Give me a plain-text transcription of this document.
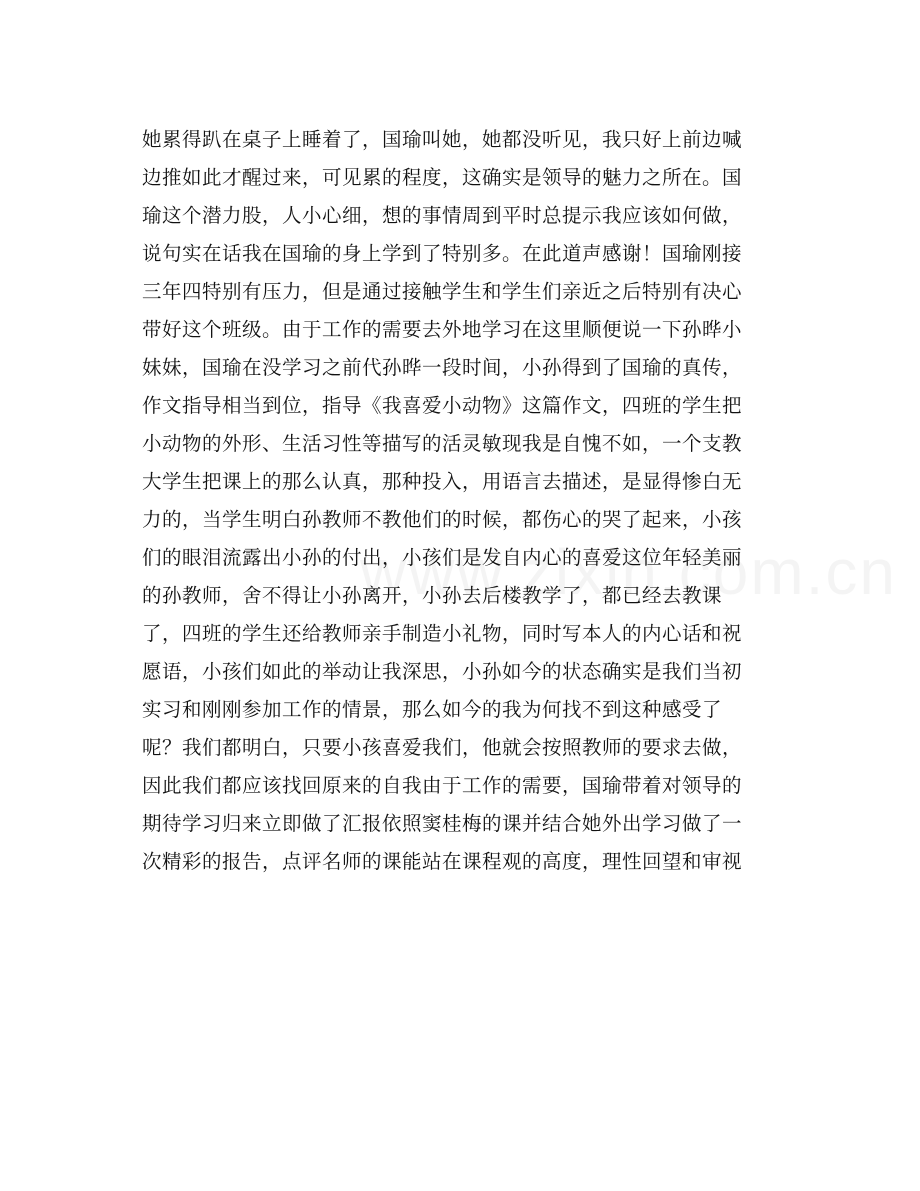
她累得趴在桌子上睡着了，国瑜叫她，她都没听见，我只好上前边喊
边推如此才醒过来，可见累的程度，这确实是领导的魅力之所在。国
瑜这个潜力股，人小心细，想的事情周到平时总提示我应该如何做，
说句实在话我在国瑜的身上学到了特别多。在此道声感谢！国瑜刚接
三年四特别有压力，但是通过接触学生和学生们亲近之后特别有决心
带好这个班级。由于工作的需要去外地学习在这里顺便说一下孙晔小
妹妹，国瑜在没学习之前代孙晔一段时间，小孙得到了国瑜的真传，
作文指导相当到位，指导《我喜爱小动物》这篇作文，四班的学生把
小动物的外形、生活习性等描写的活灵敏现我是自愧不如，一个支教
大学生把课上的那么认真，那种投入，用语言去描述，是显得惨白无
力的，当学生明白孙教师不教他们的时候，都伤心的哭了起来，小孩
们的眼泪流露出小孙的付出，小孩们是发自内心的喜爱这位年轻美丽
的孙教师，舍不得让小孙离开，小孙去后楼教学了，都已经去教课
了，四班的学生还给教师亲手制造小礼物，同时写本人的内心话和祝
愿语，小孩们如此的举动让我深思，小孙如今的状态确实是我们当初
实习和刚刚参加工作的情景，那么如今的我为何找不到这种感受了
呢？我们都明白，只要小孩喜爱我们，他就会按照教师的要求去做，
因此我们都应该找回原来的自我由于工作的需要，国瑜带着对领导的
期待学习归来立即做了汇报依照窦桂梅的课并结合她外出学习做了一
次精彩的报告，点评名师的课能站在课程观的高度，理性回望和审视
